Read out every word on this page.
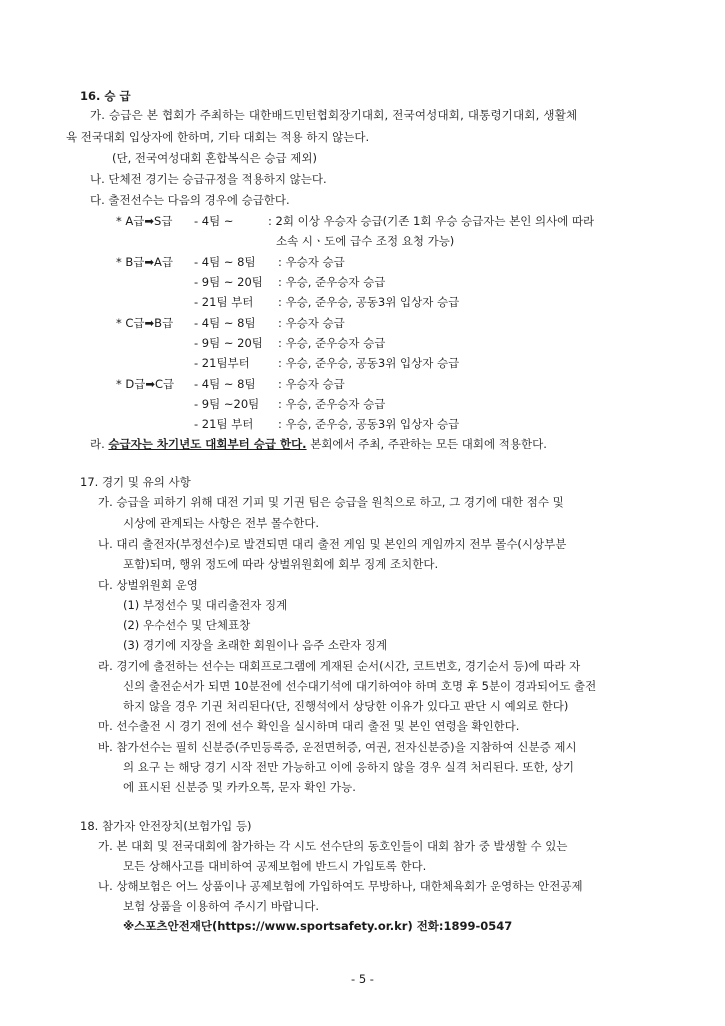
16. 승 급
가. 승급은 본 협회가 주최하는 대한배드민턴협회장기대회, 전국여성대회, 대통령기대회, 생활체
육 전국대회 입상자에 한하며, 기타 대회는 적용 하지 않는다.
(단, 전국여성대회 혼합복식은 승급 제외)
나. 단체전 경기는 승급규정을 적용하지 않는다.
다. 출전선수는 다음의 경우에 승급한다.
* A급➡S급 - 4팀 ~	: 2회 이상 우승자 승급(기존 1회 우승 승급자는 본인 의사에 따라
소속 시ㆍ도에 급수 조정 요청 가능)
* B급➡A급 - 4팀 ~ 8팀 : 우승자 승급
- 9팀 ~ 20팀 : 우승, 준우승자 승급
- 21팀 부터 : 우승, 준우승, 공동3위 입상자 승급
* C급➡B급 - 4팀 ~ 8팀 : 우승자 승급
- 9팀 ~ 20팀 : 우승, 준우승자 승급
- 21팀부터 : 우승, 준우승, 공동3위 입상자 승급
* D급➡C급 - 4팀 ~ 8팀 : 우승자 승급
- 9팀 ~20팀 : 우승, 준우승자 승급
- 21팀 부터 : 우승, 준우승, 공동3위 입상자 승급
라. 승급자는 차기년도 대회부터 승급 한다. 본회에서 주최, 주관하는 모든 대회에 적용한다.
17. 경기 및 유의 사항
가. 승급을 피하기 위해 대전 기피 및 기권 팀은 승급을 원칙으로 하고, 그 경기에 대한 점수 및
시상에 관계되는 사항은 전부 몰수한다.
나. 대리 출전자(부정선수)로 발견되면 대리 출전 게임 및 본인의 게임까지 전부 몰수(시상부분
포함)되며, 행위 정도에 따라 상벌위원회에 회부 징계 조치한다.
다. 상벌위원회 운영
(1) 부정선수 및 대리출전자 징계
(2) 우수선수 및 단체표창
(3) 경기에 지장을 초래한 회원이나 음주 소란자 징계
라. 경기에 출전하는 선수는 대회프로그램에 게재된 순서(시간, 코트번호, 경기순서 등)에 따라 자
신의 출전순서가 되면 10분전에 선수대기석에 대기하여야 하며 호명 후 5분이 경과되어도 출전
하지 않을 경우 기권 처리된다(단, 진행석에서 상당한 이유가 있다고 판단 시 예외로 한다)
마. 선수출전 시 경기 전에 선수 확인을 실시하며 대리 출전 및 본인 연령을 확인한다.
바. 참가선수는 필히 신분증(주민등록증, 운전면허증, 여권, 전자신분증)을 지참하여 신분증 제시
의 요구 는 해당 경기 시작 전만 가능하고 이에 응하지 않을 경우 실격 처리된다. 또한, 상기
에 표시된 신분증 및 카카오톡, 문자 확인 가능.
18. 참가자 안전장치(보험가입 등)
가. 본 대회 및 전국대회에 참가하는 각 시도 선수단의 동호인들이 대회 참가 중 발생할 수 있는
모든 상해사고를 대비하여 공제보험에 반드시 가입토록 한다.
나. 상해보험은 어느 상품이나 공제보험에 가입하여도 무방하나, 대한체육회가 운영하는 안전공제
보험 상품을 이용하여 주시기 바랍니다.
※스포츠안전재단(https://www.sportsafety.or.kr) 전화:1899-0547
- 5 -
